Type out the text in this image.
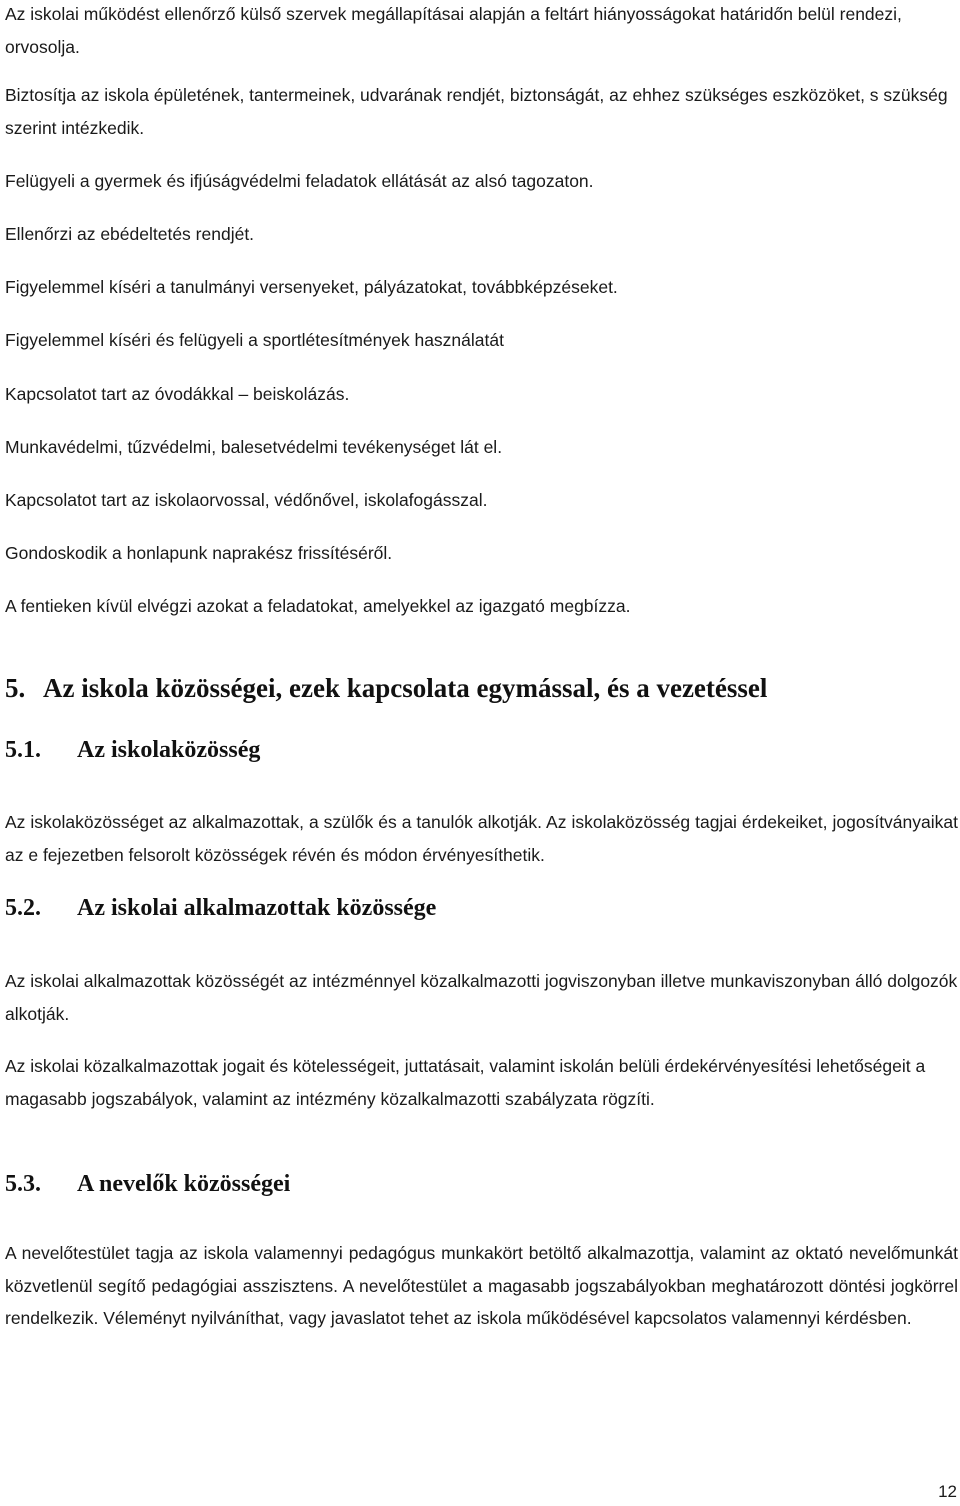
Az iskolai működést ellenőrző külső szervek megállapításai alapján a feltárt hiányosságokat határidőn belül rendezi, orvosolja.

Biztosítja az iskola épületének, tantermeinek, udvarának rendjét, biztonságát, az ehhez szükséges eszközöket, s szükség szerint intézkedik.

Felügyeli a gyermek és ifjúságvédelmi feladatok ellátását az alsó tagozaton.

Ellenőrzi az ebédeltetés rendjét.

Figyelemmel kíséri a tanulmányi versenyeket, pályázatokat, továbbképzéseket.

Figyelemmel kíséri és felügyeli a sportlétesítmények használatát

Kapcsolatot tart az óvodákkal – beiskolázás.

Munkavédelmi, tűzvédelmi, balesetvédelmi tevékenységet lát el.

Kapcsolatot tart az iskolaorvossal, védőnővel, iskolafogásszal.

Gondoskodik a honlapunk naprakész frissítéséről.

A fentieken kívül elvégzi azokat a feladatokat, amelyekkel az igazgató megbízza.

5. Az iskola közösségei, ezek kapcsolata egymással, és a vezetéssel
5.1. Az iskolaközösség

Az iskolaközösséget az alkalmazottak, a szülők és a tanulók alkotják. Az iskolaközösség tagjai érdekeiket, jogosítványaikat az e fejezetben felsorolt közösségek révén és módon érvényesíthetik.

5.2. Az iskolai alkalmazottak közössége

Az iskolai alkalmazottak közösségét az intézménnyel közalkalmazotti jogviszonyban illetve munkaviszonyban álló dolgozók alkotják.

Az iskolai közalkalmazottak jogait és kötelességeit, juttatásait, valamint iskolán belüli érdekérvényesítési lehetőségeit a magasabb jogszabályok, valamint az intézmény közalkalmazotti szabályzata rögzíti.

5.3. A nevelők közösségei

A nevelőtestület tagja az iskola valamennyi pedagógus munkakört betöltő alkalmazottja, valamint az oktató nevelőmunkát közvetlenül segítő pedagógiai asszisztens. A nevelőtestület a magasabb jogszabályokban meghatározott döntési jogkörrel rendelkezik. Véleményt nyilváníthat, vagy javaslatot tehet az iskola működésével kapcsolatos valamennyi kérdésben.

12
